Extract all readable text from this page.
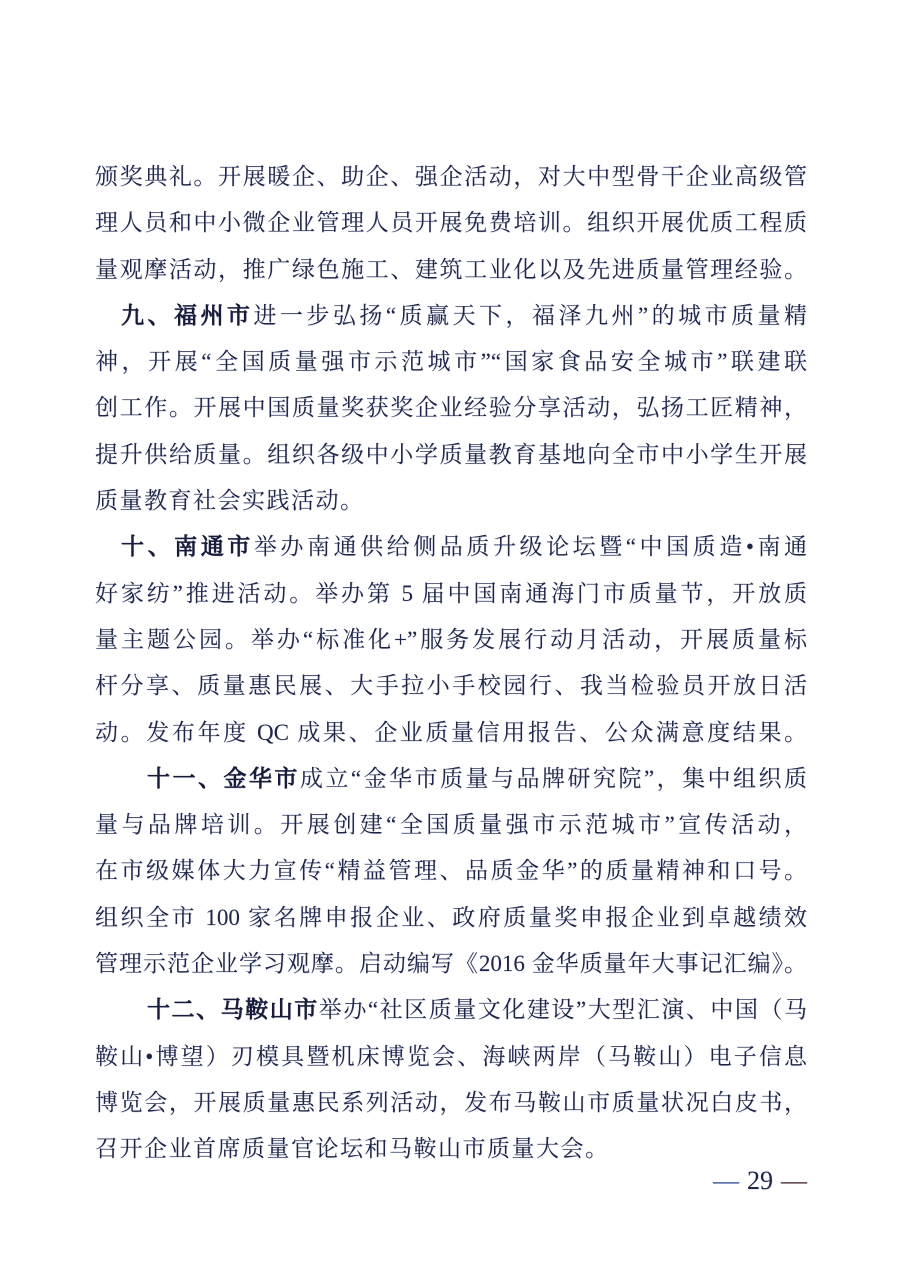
颁奖典礼。开展暖企、助企、强企活动，对大中型骨干企业高级管
理人员和中小微企业管理人员开展免费培训。组织开展优质工程质
量观摩活动，推广绿色施工、建筑工业化以及先进质量管理经验。
九、福州市进一步弘扬“质赢天下，福泽九州”的城市质量精
神，开展“全国质量强市示范城市”“国家食品安全城市”联建联
创工作。开展中国质量奖获奖企业经验分享活动，弘扬工匠精神，
提升供给质量。组织各级中小学质量教育基地向全市中小学生开展
质量教育社会实践活动。
十、南通市举办南通供给侧品质升级论坛暨“中国质造•南通
好家纺”推进活动。举办第 5 届中国南通海门市质量节，开放质
量主题公园。举办“标准化+”服务发展行动月活动，开展质量标
杆分享、质量惠民展、大手拉小手校园行、我当检验员开放日活
动。发布年度 QC 成果、企业质量信用报告、公众满意度结果。
十一、金华市成立“金华市质量与品牌研究院”，集中组织质
量与品牌培训。开展创建“全国质量强市示范城市”宣传活动，
在市级媒体大力宣传“精益管理、品质金华”的质量精神和口号。
组织全市 100 家名牌申报企业、政府质量奖申报企业到卓越绩效
管理示范企业学习观摩。启动编写《2016 金华质量年大事记汇编》。
十二、马鞍山市举办“社区质量文化建设”大型汇演、中国（马
鞍山•博望）刃模具暨机床博览会、海峡两岸（马鞍山）电子信息
博览会，开展质量惠民系列活动，发布马鞍山市质量状况白皮书，
召开企业首席质量官论坛和马鞍山市质量大会。
— 29 —
